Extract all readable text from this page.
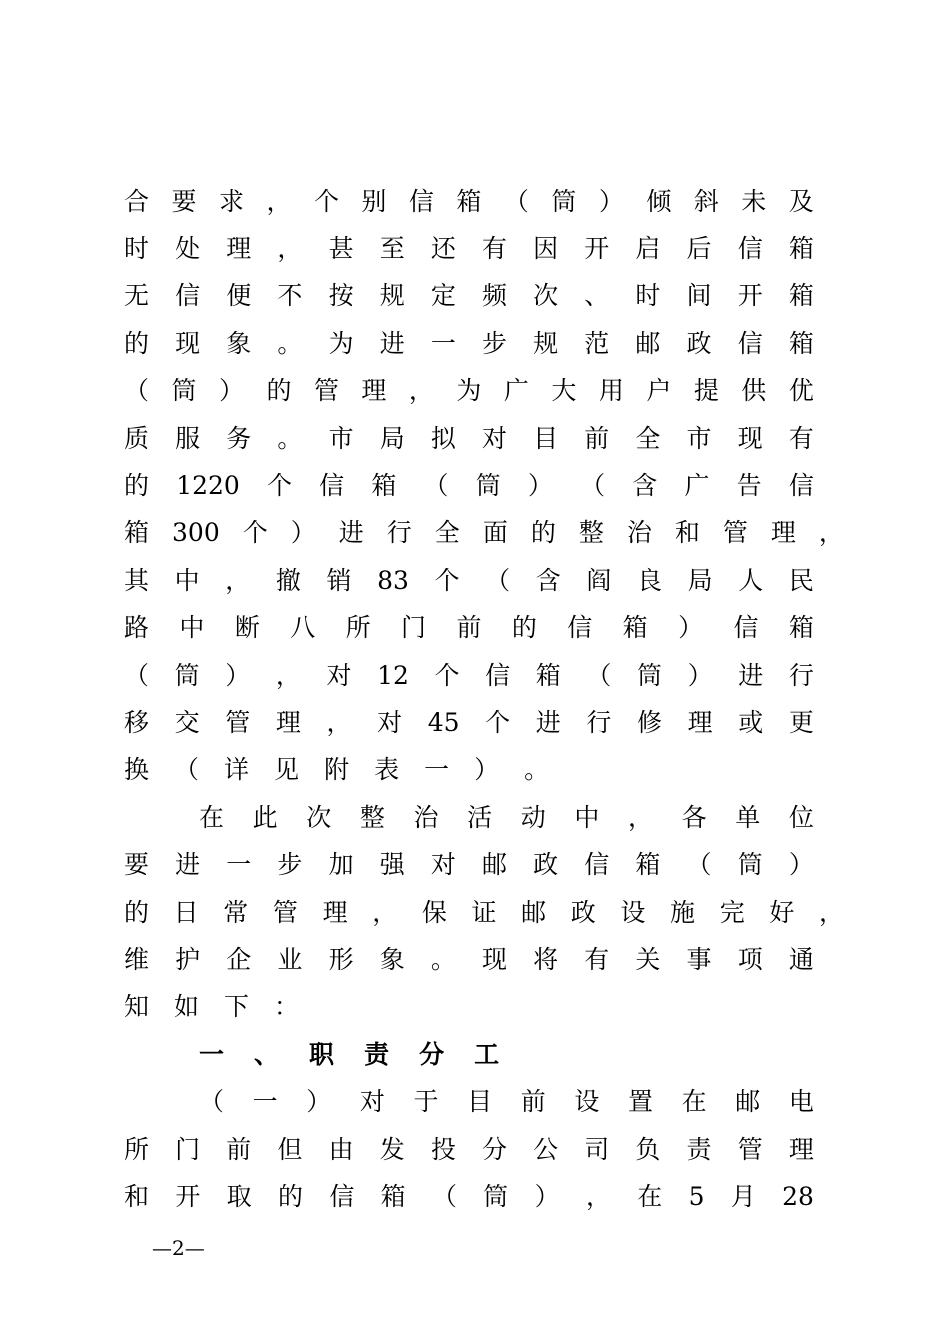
合 要 求 ， 个 别 信 箱 （ 筒 ） 倾 斜 未 及
时 处 理 ， 甚 至 还 有 因 开 启 后 信 箱
无 信 便 不 按 规 定 频 次 、 时 间 开 箱
的 现 象 。 为 进 一 步 规 范 邮 政 信 箱
（ 筒 ） 的 管 理 ， 为 广 大 用 户 提 供 优
质 服 务 。 市 局 拟 对 目 前 全 市 现 有
的 1220 个 信 箱 （ 筒 ） （ 含 广 告 信
箱 300 个 ） 进 行 全 面 的 整 治 和 管 理 ，
其 中 ， 撤 销 83 个 （ 含 阎 良 局 人 民
路 中 断 八 所 门 前 的 信 箱 ） 信 箱
（ 筒 ） ， 对 12 个 信 箱 （ 筒 ） 进 行
移 交 管 理 ， 对 45 个 进 行 修 理 或 更
换 （ 详 见 附 表 一 ） 。
在 此 次 整 治 活 动 中 ， 各 单 位
要 进 一 步 加 强 对 邮 政 信 箱 （ 筒 ）
的 日 常 管 理 ， 保 证 邮 政 设 施 完 好 ，
维 护 企 业 形 象 。 现 将 有 关 事 项 通
知 如 下 ：
一 、 职 责 分 工
（ 一 ） 对 于 目 前 设 置 在 邮 电
所 门 前 但 由 发 投 分 公 司 负 责 管 理
和 开 取 的 信 箱 （ 筒 ） ， 在 5 月 28
—2—
